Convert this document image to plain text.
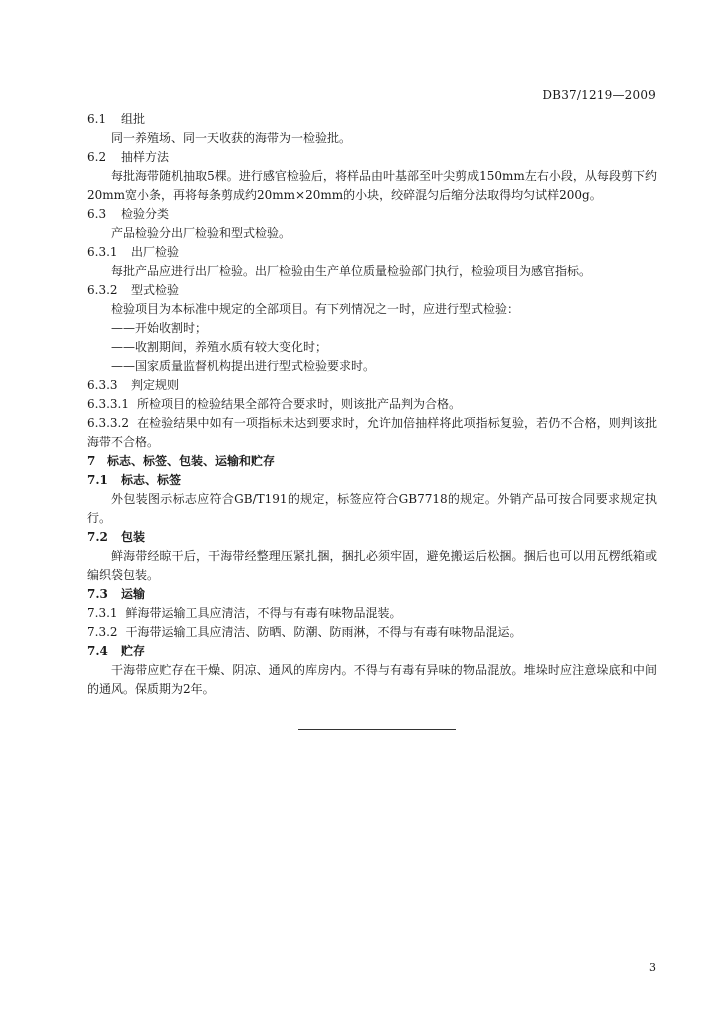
DB37/1219—2009
6.1 组批
同一养殖场、同一天收获的海带为一检验批。
6.2 抽样方法
每批海带随机抽取5棵。进行感官检验后，将样品由叶基部至叶尖剪成150mm左右小段，从每段剪下约20mm宽小条，再将每条剪成约20mm×20mm的小块，绞碎混匀后缩分法取得均匀试样200g。
6.3 检验分类
产品检验分出厂检验和型式检验。
6.3.1 出厂检验
每批产品应进行出厂检验。出厂检验由生产单位质量检验部门执行，检验项目为感官指标。
6.3.2 型式检验
检验项目为本标准中规定的全部项目。有下列情况之一时，应进行型式检验：
——开始收割时；
——收割期间，养殖水质有较大变化时；
——国家质量监督机构提出进行型式检验要求时。
6.3.3 判定规则
6.3.3.1 所检项目的检验结果全部符合要求时，则该批产品判为合格。
6.3.3.2 在检验结果中如有一项指标未达到要求时，允许加倍抽样将此项指标复验，若仍不合格，则判该批海带不合格。
7 标志、标签、包装、运输和贮存
7.1 标志、标签
外包装图示标志应符合GB/T191的规定，标签应符合GB7718的规定。外销产品可按合同要求规定执行。
7.2 包装
鲜海带经晾干后，干海带经整理压紧扎捆，捆扎必须牢固，避免搬运后松捆。捆后也可以用瓦楞纸箱或编织袋包装。
7.3 运输
7.3.1 鲜海带运输工具应清洁，不得与有毒有味物品混装。
7.3.2 干海带运输工具应清洁、防晒、防潮、防雨淋，不得与有毒有味物品混运。
7.4 贮存
干海带应贮存在干燥、阴凉、通风的库房内。不得与有毒有异味的物品混放。堆垛时应注意垛底和中间的通风。保质期为2年。
3
